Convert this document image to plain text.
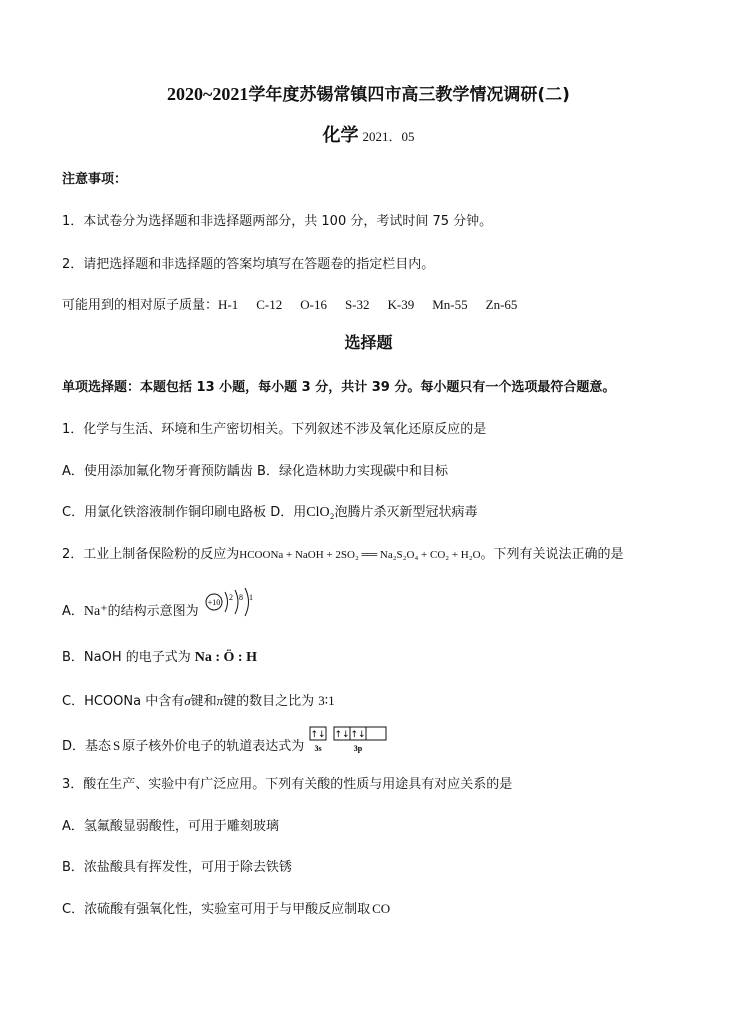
2020~2021学年度苏锡常镇四市高三教学情况调研(二)
化学 2021．05
注意事项：
1．本试卷分为选择题和非选择题两部分，共 100 分，考试时间 75 分钟。
2．请把选择题和非选择题的答案均填写在答题卷的指定栏目内。
可能用到的相对原子质量：H-1 C-12 O-16 S-32 K-39 Mn-55 Zn-65
选择题
单项选择题：本题包括 13 小题，每小题 3 分，共计 39 分。每小题只有一个选项最符合题意。
1．化学与生活、环境和生产密切相关。下列叙述不涉及氧化还原反应的是
A．使用添加氟化物牙膏预防龋齿 B．绿化造林助力实现碳中和目标
C．用氯化铁溶液制作铜印刷电路板 D．用ClO₂泡腾片杀灭新型冠状病毒
2．工业上制备保险粉的反应为HCOONa + NaOH + 2SO₂ ══ Na₂S₂O₄ + CO₂ + H₂O。下列有关说法正确的是
A．Na⁺的结构示意图为
+10
2 8 1
B．NaOH 的电子式为 Na : Ö : H
C．HCOONa 中含有σ键和π键的数目之比为 3∶1
D．基态 S 原子核外价电子的轨道表达式为
↑↓ ↑↓ ↑↓
3s	3p
3．酸在生产、实验中有广泛应用。下列有关酸的性质与用途具有对应关系的是
A．氢氟酸显弱酸性，可用于雕刻玻璃
B．浓盐酸具有挥发性，可用于除去铁锈
C．浓硫酸有强氧化性，实验室可用于与甲酸反应制取 CO
